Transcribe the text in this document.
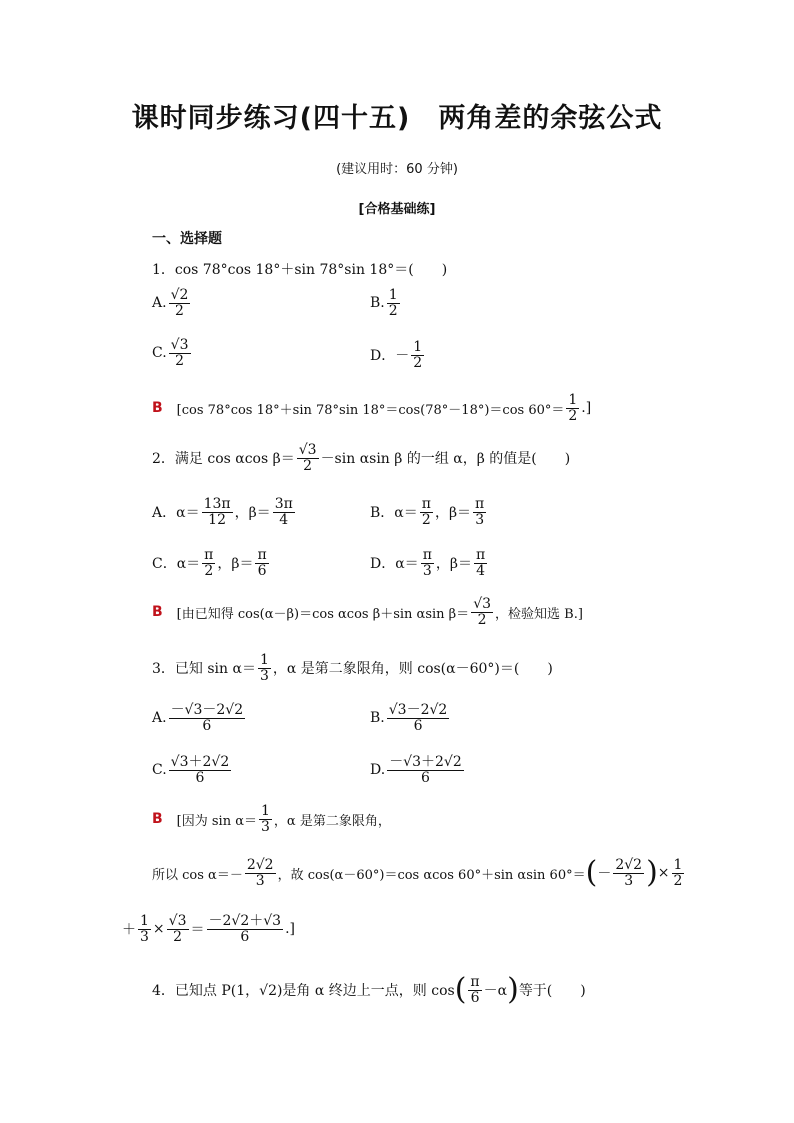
课时同步练习(四十五) 两角差的余弦公式
(建议用时：60 分钟)
[合格基础练]
一、选择题
1．cos 78°cos 18°＋sin 78°sin 18°＝(　　)
A. $\frac{√2}{2}$	B. $\frac{1}{2}$
C. $\frac{√3}{2}$	D．－ $\frac{1}{2}$
B [cos 78°cos 18°＋sin 78°sin 18°＝cos(78°－18°)＝cos $60^\circ= \frac{1}{2}$ .]
2．满足 cos αcos $\beta= \frac{√3}{2} -\sin$ αsin β 的一组 α，β 的值是(　　)
A．$\alpha= \frac{13\pi}{12}$ ，$\beta= \frac{3\pi}{4}$	B．$\alpha= \frac{\pi}{2}$ ，$\beta= \frac{\pi}{3}$
C．$\alpha= \frac{\pi}{2}$ ，$\beta= \frac{\pi}{6}$	D．$\alpha= \frac{\pi}{3}$ ，$\beta= \frac{\pi}{4}$
B [由已知得 cos(α－β)＝cos αcos β＋sin αsin $\beta= \frac{√3}{2}$ ，检验知选 B.]
3．已知 $\sin \alpha= \frac{1}{3}$ ，α 是第二象限角，则 cos(α－60°)＝(　　)
A. $\frac{-√3-2√2}{6}$	B. $\frac{√3-2√2}{6}$
C. $\frac{√3+2√2}{6}$	D. $\frac{-√3+2√2}{6}$
B [因为 $\sin \alpha= \frac{1}{3}$ ，α 是第二象限角，
所以 $\cos \alpha=- \frac{2√2}{3}$ ，故 cos(α－60°)＝cos αcos 60°＋sin αsin 60°＝ ( － $\frac{2√2}{3}$ ) × $\frac{1}{2}$
＋ $\frac{1}{3} \times \frac{√3}{2} = \frac{-2√2+√3}{6}$ .]
4．已知点 P(1，√2)是角 α 终边上一点，则 cos ( $\frac{\pi}{6} -\alpha$ ) 等于(　　)
